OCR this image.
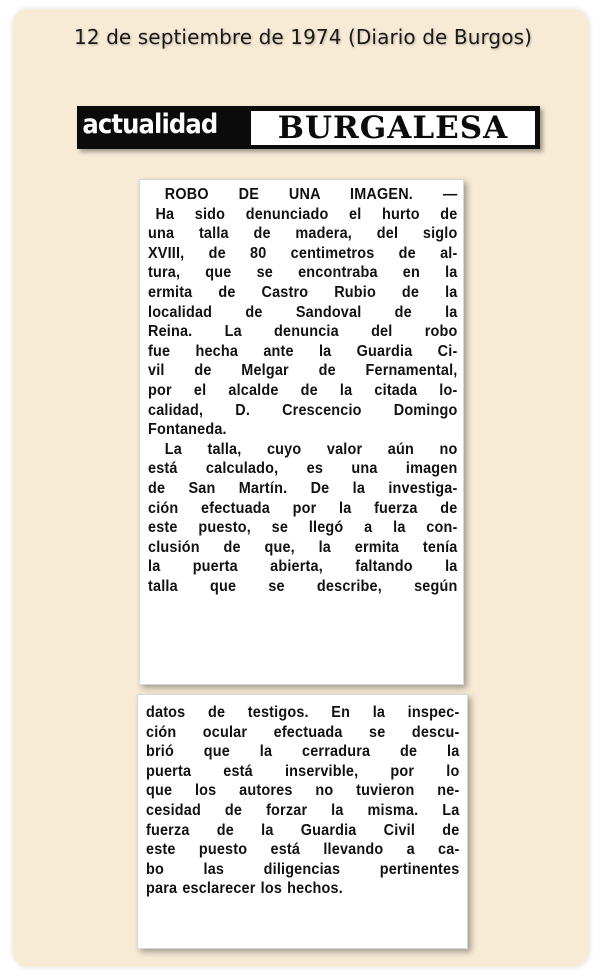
12 de septiembre de 1974 (Diario de Burgos)
actualidad BURGALESA
ROBO DE UNA IMAGEN. —
Ha sido denunciado el hurto de
una talla de madera, del siglo
XVIII, de 80 centimetros de al-
tura, que se encontraba en la
ermita de Castro Rubio de la
localidad de Sandoval de la
Reina. La denuncia del robo
fue hecha ante la Guardia Ci-
vil de Melgar de Fernamental,
por el alcalde de la citada lo-
calidad, D. Crescencio Domingo
Fontaneda.
La talla, cuyo valor aún no
está calculado, es una imagen
de San Martín. De la investiga-
ción efectuada por la fuerza de
este puesto, se llegó a la con-
clusión de que, la ermita tenía
la puerta abierta, faltando la
talla que se describe, según
datos de testigos. En la inspec-
ción ocular efectuada se descu-
brió que la cerradura de la
puerta está inservible, por lo
que los autores no tuvieron ne-
cesidad de forzar la misma. La
fuerza de la Guardia Civil de
este puesto está llevando a ca-
bo las diligencias pertinentes
para esclarecer los hechos.
